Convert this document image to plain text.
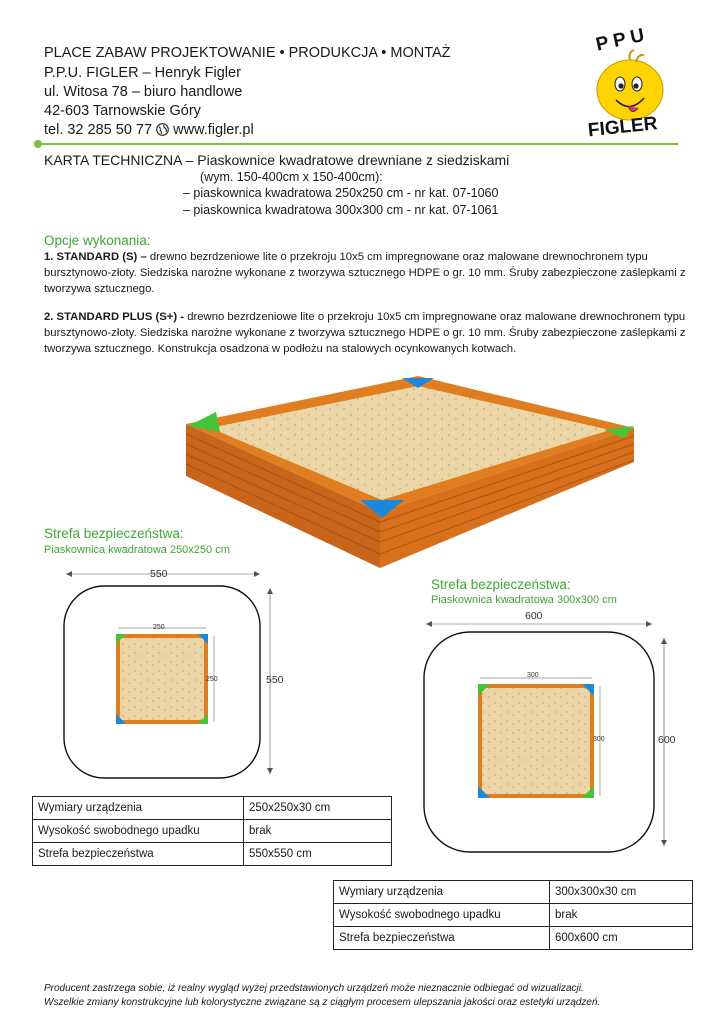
PLACE ZABAW PROJEKTOWANIE • PRODUKCJA • MONTAŻ
P.P.U. FIGLER – Henryk Figler
ul. Witosa 78 – biuro handlowe
42-603 Tarnowskie Góry
tel. 32 285 50 77 www.figler.pl
P P U
FIGLER
KARTA TECHNICZNA – Piaskownice kwadratowe drewniane z siedziskami
(wym. 150-400cm x 150-400cm):
– piaskownica kwadratowa 250x250 cm - nr kat. 07-1060
– piaskownica kwadratowa 300x300 cm - nr kat. 07-1061
Opcje wykonania:
1. STANDARD (S) – drewno bezrdzeniowe lite o przekroju 10x5 cm impregnowane oraz malowane drewnochronem typu bursztynowo-złoty. Siedziska narożne wykonane z tworzywa sztucznego HDPE o gr. 10 mm. Śruby zabezpieczone zaślepkami z tworzywa sztucznego.
2. STANDARD PLUS (S+) - drewno bezrdzeniowe lite o przekroju 10x5 cm impregnowane oraz malowane drewnochronem typu bursztynowo-złoty. Siedziska narożne wykonane z tworzywa sztucznego HDPE o gr. 10 mm. Śruby zabezpieczone zaślepkami z tworzywa sztucznego. Konstrukcja osadzona w podłożu na stalowych ocynkowanych kotwach.
Strefa bezpieczeństwa:
Piaskownica kwadratowa 250x250 cm
550
550
250
250
Strefa bezpieczeństwa:
Piaskownica kwadratowa 300x300 cm
600
600
300
300
Wymiary urządzenia	250x250x30 cm
Wysokość swobodnego upadku	brak
Strefa bezpieczeństwa	550x550 cm
Wymiary urządzenia	300x300x30 cm
Wysokość swobodnego upadku	brak
Strefa bezpieczeństwa	600x600 cm
Producent zastrzega sobie, iż realny wygląd wyżej przedstawionych urządzeń może nieznacznie odbiegać od wizualizacji.
Wszelkie zmiany konstrukcyjne lub kolorystyczne związane są z ciągłym procesem ulepszania jakości oraz estetyki urządzeń.
